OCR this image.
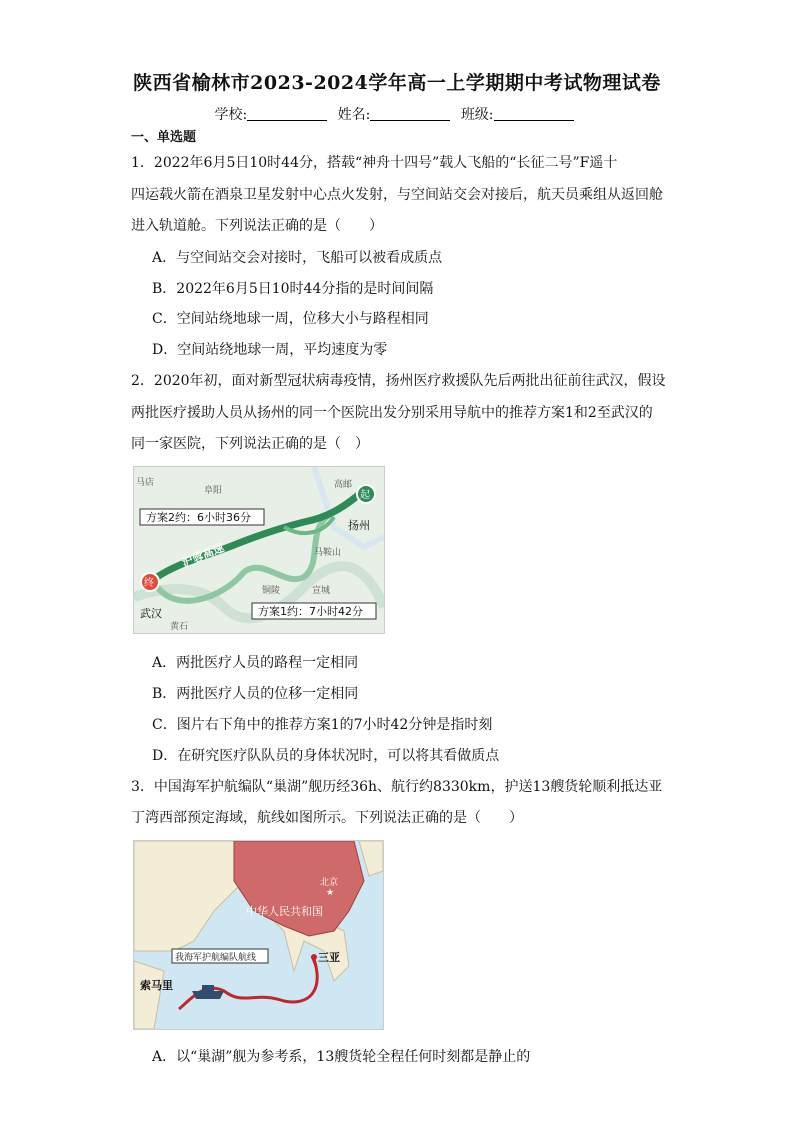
陕西省榆林市2023-2024学年高一上学期期中考试物理试卷
学校:	姓名:	班级:
一、单选题
1．2022年6月5日10时44分，搭载“神舟十四号”载人飞船的“长征二号”F遥十
四运载火箭在酒泉卫星发射中心点火发射，与空间站交会对接后，航天员乘组从返回舱
进入轨道舱。下列说法正确的是（　　）
A．与空间站交会对接时，飞船可以被看成质点
B．2022年6月5日10时44分指的是时间间隔
C．空间站绕地球一周，位移大小与路程相同
D．空间站绕地球一周，平均速度为零
2．2020年初，面对新型冠状病毒疫情，扬州医疗救援队先后两批出征前往武汉，假设
两批医疗援助人员从扬州的同一个医院出发分别采用导航中的推荐方案1和2至武汉的
同一家医院，下列说法正确的是（　）
方案2约：6小时36分
方案1约：7小时42分
沪蓉高速
起
终
马店
阜阳
高邮
扬州
马鞍山
铜陵	宣城
武汉
黄石
A．两批医疗人员的路程一定相同
B．两批医疗人员的位移一定相同
C．图片右下角中的推荐方案1的7小时42分钟是指时刻
D．在研究医疗队队员的身体状况时，可以将其看做质点
3．中国海军护航编队“巢湖”舰历经36h、航行约8330km，护送13艘货轮顺利抵达亚
丁湾西部预定海域，航线如图所示。下列说法正确的是（　　）
中华人民共和国
北京
★
我海军护航编队航线	三亚
索马里
A．以“巢湖”舰为参考系，13艘货轮全程任何时刻都是静止的
